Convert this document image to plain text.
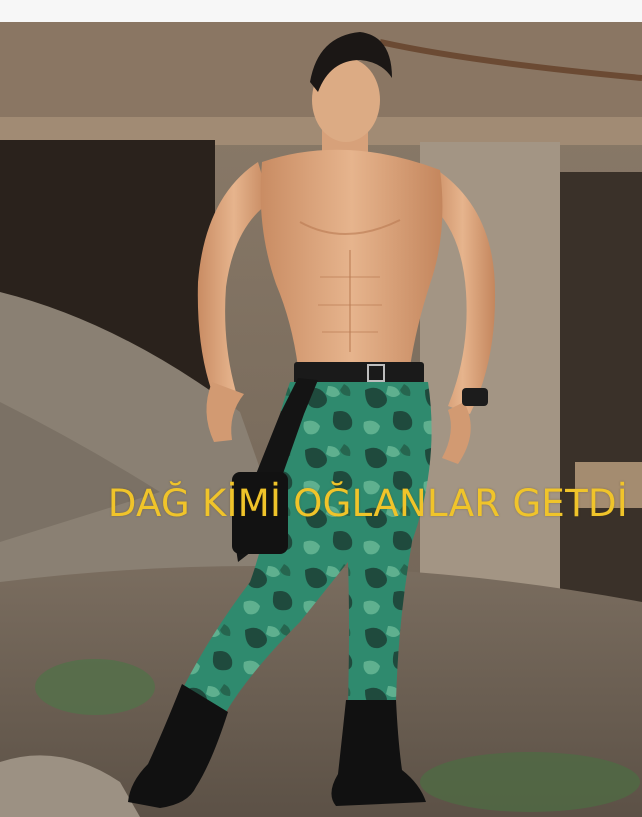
DAĞ KİMİ OĞLANLAR GETDİ
